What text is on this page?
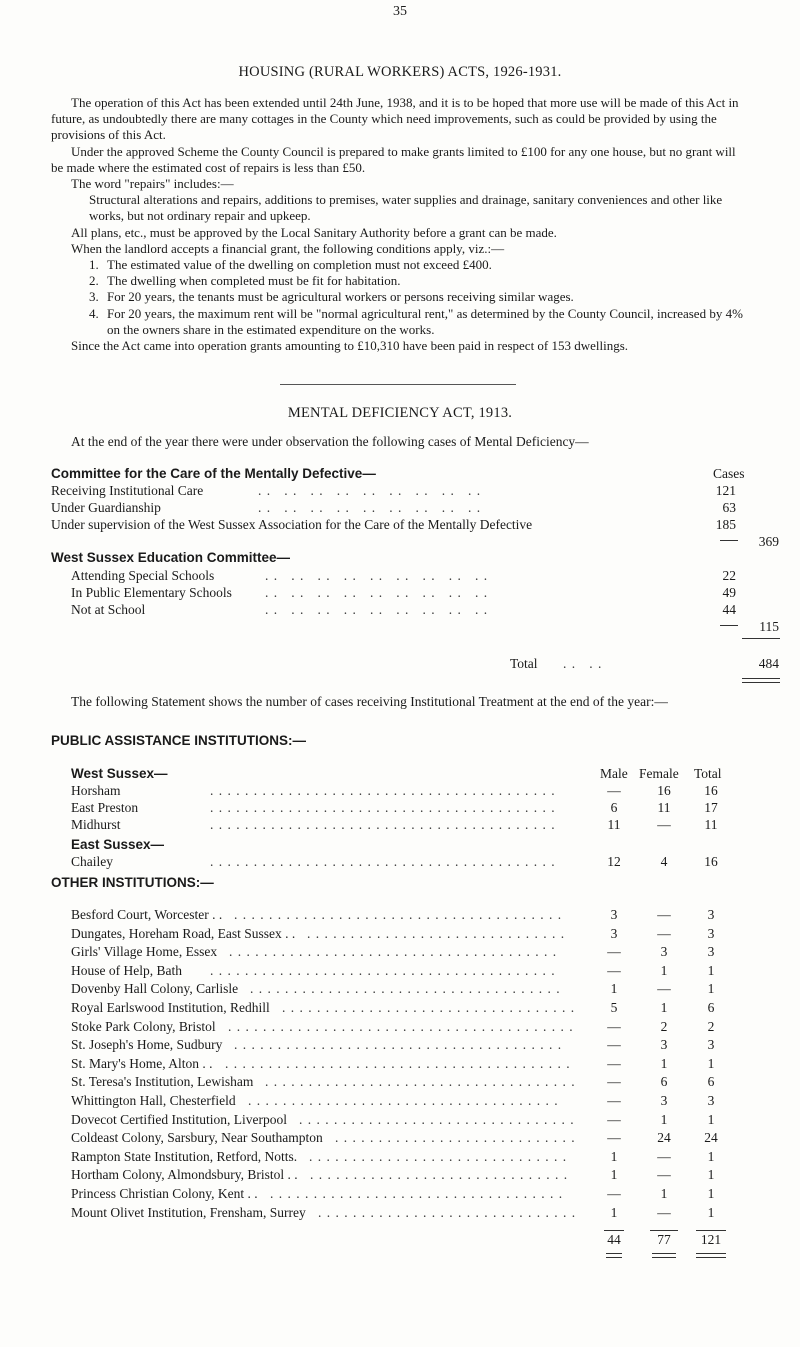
35
HOUSING (RURAL WORKERS) ACTS, 1926-1931.

The operation of this Act has been extended until 24th June, 1938, and it is to be hoped that more use will be made of this Act in future, as undoubtedly there are many cottages in the County which need improvements, such as could be provided by using the provisions of this Act.

Under the approved Scheme the County Council is prepared to make grants limited to £100 for any one house, but no grant will be made where the estimated cost of repairs is less than £50.

The word "repairs" includes:—

Structural alterations and repairs, additions to premises, water supplies and drainage, sanitary conveniences and other like works, but not ordinary repair and upkeep.

All plans, etc., must be approved by the Local Sanitary Authority before a grant can be made.

When the landlord accepts a financial grant, the following conditions apply, viz.:—

1. The estimated value of the dwelling on completion must not exceed £400.

2. The dwelling when completed must be fit for habitation.

3. For 20 years, the tenants must be agricultural workers or persons receiving similar wages.

4. For 20 years, the maximum rent will be "normal agricultural rent," as determined by the County Council, increased by 4% on the owners share in the estimated expenditure on the works.

Since the Act came into operation grants amounting to £10,310 have been paid in respect of 153 dwellings.

MENTAL DEFICIENCY ACT, 1913.
At the end of the year there were under observation the following cases of Mental Deficiency—
Committee for the Care of the Mentally Defective—	Cases
Receiving Institutional Care	. .   . .   . .   . .   . .   . .   . .   . .   . .	121
Under Guardianship	. .   . .   . .   . .   . .   . .   . .   . .   . .	63
Under supervision of the West Sussex Association for the Care of the Mentally Defective	185
369
West Sussex Education Committee—
Attending Special Schools	. .   . .   . .   . .   . .   . .   . .   . .   . .	22
In Public Elementary Schools . .   . .   . .   . .   . .   . .   . .   . .   . .	49
Not at School	. .   . .   . .   . .   . .   . .   . .   . .   . .	44
115
Total . .   . .	484
The following Statement shows the number of cases receiving Institutional Treatment at the end of the year:—
PUBLIC ASSISTANCE INSTITUTIONS:—
West Sussex—	Male Female Total
Horsham	—	16	16
. . . . . . . . . . . . . . . . . . . . . . . . . . . . . . . . . . . . . . . .
East Preston	6	11	17
. . . . . . . . . . . . . . . . . . . . . . . . . . . . . . . . . . . . . . . .
Midhurst	11	—	11
. . . . . . . . . . . . . . . . . . . . . . . . . . . . . . . . . . . . . . . .
East Sussex—
Chailey	12	4	16
. . . . . . . . . . . . . . . . . . . . . . . . . . . . . . . . . . . . . . . .
OTHER INSTITUTIONS:—
Besford Court, Worcester . .	3	—	3
. . . . . . . . . . . . . . . . . . . . . . . . . . . . . . . . . . . . . .
Dungates, Horeham Road, East Sussex . .	3	—	3
. . . . . . . . . . . . . . . . . . . . . . . . . . . . . .
Girls' Village Home, Essex	—	3	3
. . . . . . . . . . . . . . . . . . . . . . . . . . . . . . . . . . . . . .
House of Help, Bath	—	1	1
. . . . . . . . . . . . . . . . . . . . . . . . . . . . . . . . . . . . . . . .
Dovenby Hall Colony, Carlisle	1	—	1
. . . . . . . . . . . . . . . . . . . . . . . . . . . . . . . . . . . .
Royal Earlswood Institution, Redhill	5	1	6
. . . . . . . . . . . . . . . . . . . . . . . . . . . . . . . . . .
Stoke Park Colony, Bristol	—	2	2
. . . . . . . . . . . . . . . . . . . . . . . . . . . . . . . . . . . . . . . .
St. Joseph's Home, Sudbury	—	3	3
. . . . . . . . . . . . . . . . . . . . . . . . . . . . . . . . . . . . . .
St. Mary's Home, Alton . .	—	1	1
. . . . . . . . . . . . . . . . . . . . . . . . . . . . . . . . . . . . . . . .
St. Teresa's Institution, Lewisham	—	6	6
. . . . . . . . . . . . . . . . . . . . . . . . . . . . . . . . . . . .
Whittington Hall, Chesterfield	—	3	3
. . . . . . . . . . . . . . . . . . . . . . . . . . . . . . . . . . . .
Dovecot Certified Institution, Liverpool	—	1	1
. . . . . . . . . . . . . . . . . . . . . . . . . . . . . . . .
Coldeast Colony, Sarsbury, Near Southampton	—	24	24
. . . . . . . . . . . . . . . . . . . . . . . . . . . .
Rampton State Institution, Retford, Notts.	1	—	1
. . . . . . . . . . . . . . . . . . . . . . . . . . . . . .
Hortham Colony, Almondsbury, Bristol . .	1	—	1
. . . . . . . . . . . . . . . . . . . . . . . . . . . . . .
Princess Christian Colony, Kent . .	—	1	1
. . . . . . . . . . . . . . . . . . . . . . . . . . . . . . . . . .
Mount Olivet Institution, Frensham, Surrey	1	—	1
. . . . . . . . . . . . . . . . . . . . . . . . . . . . . .
44	77	121
